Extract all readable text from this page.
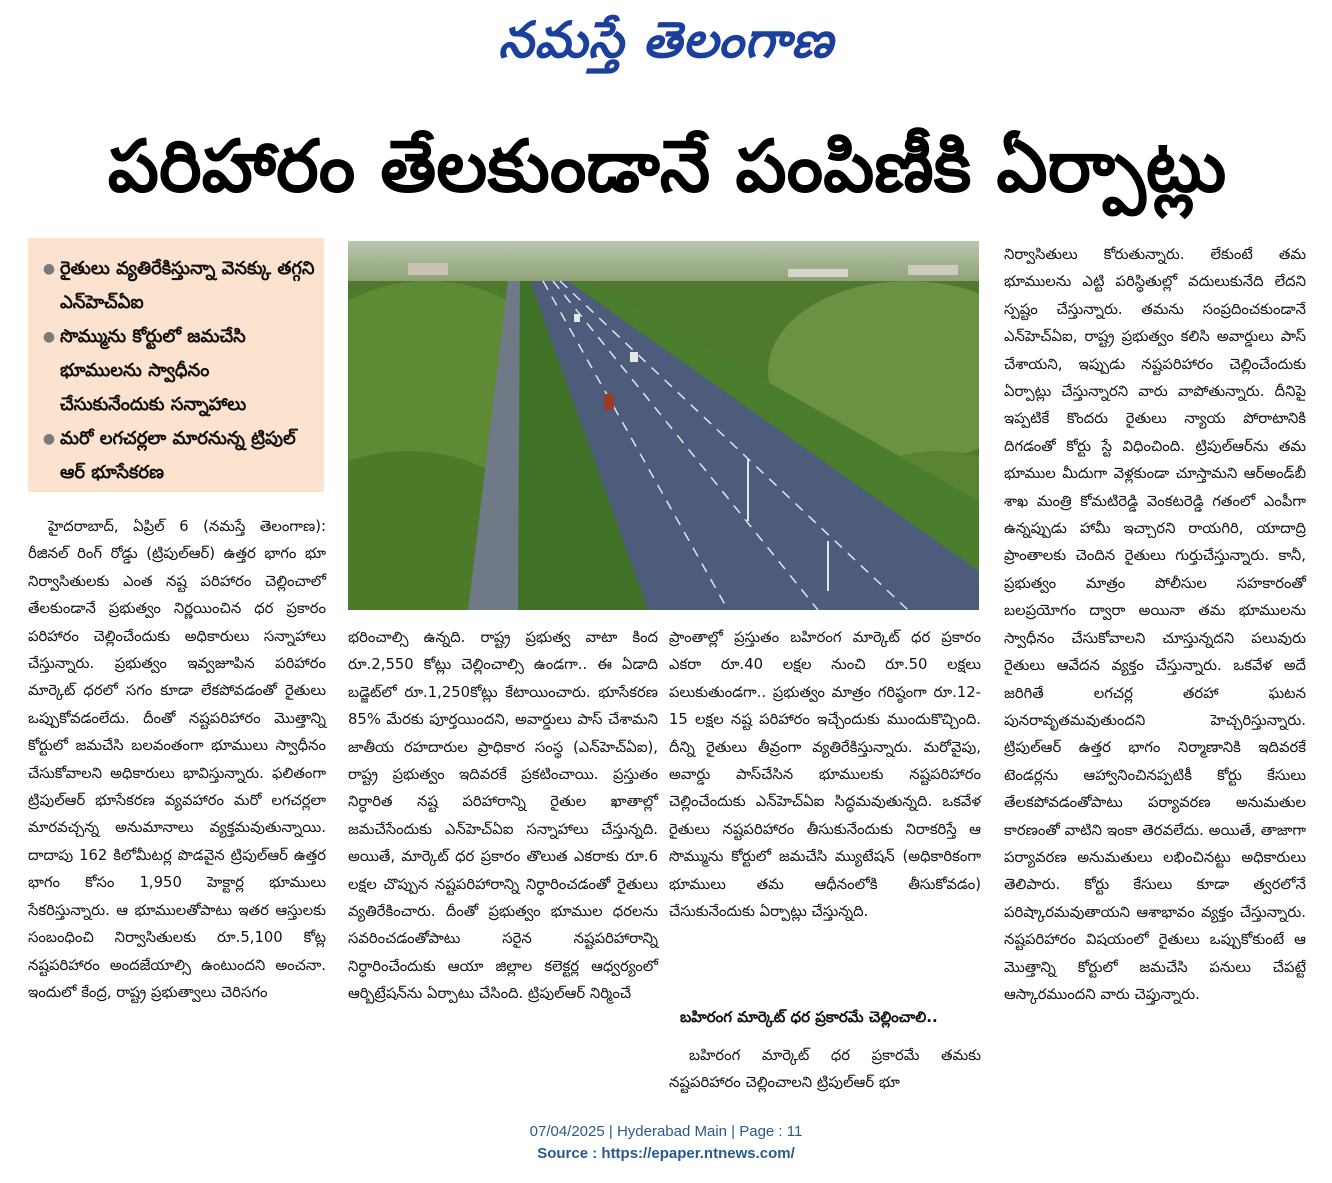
నమస్తే తెలంగాణ
పరిహారం తేలకుండానే పంపిణీకి ఏర్పాట్లు
● రైతులు వ్యతిరేకిస్తున్నా వెనక్కు తగ్గని ఎన్‌హెచ్‌ఏఐ
● సొమ్మును కోర్టులో జమచేసి భూములను స్వాధీనం చేసుకునేందుకు సన్నాహాలు
● మరో లగచర్లలా మారనున్న ట్రిపుల్ ఆర్ భూసేకరణ

హైదరాబాద్, ఏప్రిల్ 6 (నమస్తే తెలంగాణ): రీజినల్ రింగ్ రోడ్డు (ట్రిపుల్‌ఆర్) ఉత్తర భాగం భూ నిర్వాసితులకు ఎంత నష్ట పరిహారం చెల్లించాలో తేలకుండానే ప్రభుత్వం నిర్ణయించిన ధర ప్రకారం పరిహారం చెల్లించేందుకు అధికారులు సన్నాహాలు చేస్తున్నారు. ప్రభుత్వం ఇవ్వజూపిన పరిహారం మార్కెట్ ధరలో సగం కూడా లేకపోవడంతో రైతులు ఒప్పుకోవడంలేదు. దీంతో నష్టపరిహారం మొత్తాన్ని కోర్టులో జమచేసి బలవంతంగా భూములు స్వాధీనం చేసుకోవాలని అధికారులు భావిస్తున్నారు. ఫలితంగా ట్రిపుల్‌ఆర్ భూసేకరణ వ్యవహారం మరో లగచర్లలా మారవచ్చన్న అనుమానాలు వ్యక్తమవుతున్నాయి. దాదాపు 162 కిలోమీటర్ల పొడవైన ట్రిపుల్‌ఆర్ ఉత్తర భాగం కోసం 1,950 హెక్టార్ల భూములు సేకరిస్తున్నారు. ఆ భూములతోపాటు ఇతర ఆస్తులకు సంబంధించి నిర్వాసితులకు రూ.5,100 కోట్ల నష్టపరిహారం అందజేయాల్సి ఉంటుందని అంచనా. ఇందులో కేంద్ర, రాష్ట్ర ప్రభుత్వాలు చెరిసగం

భరించాల్సి ఉన్నది. రాష్ట్ర ప్రభుత్వ వాటా కింద రూ.2,550 కోట్లు చెల్లించాల్సి ఉండగా.. ఈ ఏడాది బడ్జెట్‌లో రూ.1,250కోట్లు కేటాయించారు. భూసేకరణ 85% మేరకు పూర్తయిందని, అవార్డులు పాస్ చేశామని జాతీయ రహదారుల ప్రాధికార సంస్థ (ఎన్‌హెచ్‌ఏఐ), రాష్ట్ర ప్రభుత్వం ఇదివరకే ప్రకటించాయి. ప్రస్తుతం నిర్ధారిత నష్ట పరిహారాన్ని రైతుల ఖాతాల్లో జమచేసేందుకు ఎన్‌హెచ్‌ఏఐ సన్నాహాలు చేస్తున్నది. అయితే, మార్కెట్ ధర ప్రకారం తొలుత ఎకరాకు రూ.6 లక్షల చొప్పున నష్టపరిహారాన్ని నిర్ధారించడంతో రైతులు వ్యతిరేకించారు. దీంతో ప్రభుత్వం భూముల ధరలను సవరించడంతోపాటు సరైన నష్టపరిహారాన్ని నిర్ధారించేందుకు ఆయా జిల్లాల కలెక్టర్ల ఆధ్వర్యంలో ఆర్బిట్రేషన్‌ను ఏర్పాటు చేసింది. ట్రిపుల్‌ఆర్ నిర్మించే

ప్రాంతాల్లో ప్రస్తుతం బహిరంగ మార్కెట్ ధర ప్రకారం ఎకరా రూ.40 లక్షల నుంచి రూ.50 లక్షలు పలుకుతుండగా.. ప్రభుత్వం మాత్రం గరిష్ఠంగా రూ.12-15 లక్షల నష్ట పరిహారం ఇచ్చేందుకు ముందుకొచ్చింది. దీన్ని రైతులు తీవ్రంగా వ్యతిరేకిస్తున్నారు. మరోవైపు, అవార్డు పాస్‌చేసిన భూములకు నష్టపరిహారం చెల్లించేందుకు ఎన్‌హెచ్‌ఏఐ సిద్ధమవుతున్నది. ఒకవేళ రైతులు నష్టపరిహారం తీసుకునేందుకు నిరాకరిస్తే ఆ సొమ్మును కోర్టులో జమచేసి మ్యుటేషన్ (అధికారికంగా భూములు తమ ఆధీనంలోకి తీసుకోవడం) చేసుకునేందుకు ఏర్పాట్లు చేస్తున్నది.

బహిరంగ మార్కెట్ ధర ప్రకారమే చెల్లించాలి..

బహిరంగ మార్కెట్ ధర ప్రకారమే తమకు నష్టపరిహారం చెల్లించాలని ట్రిపుల్‌ఆర్ భూ

నిర్వాసితులు కోరుతున్నారు. లేకుంటే తమ భూములను ఎట్టి పరిస్థితుల్లో వదులుకునేది లేదని స్పష్టం చేస్తున్నారు. తమను సంప్రదించకుండానే ఎన్‌హెచ్‌ఏఐ, రాష్ట్ర ప్రభుత్వం కలిసి అవార్డులు పాస్ చేశాయని, ఇప్పుడు నష్టపరిహారం చెల్లించేందుకు ఏర్పాట్లు చేస్తున్నారని వారు వాపోతున్నారు. దీనిపై ఇప్పటికే కొందరు రైతులు న్యాయ పోరాటానికి దిగడంతో కోర్టు స్టే విధించింది. ట్రిపుల్‌ఆర్‌ను తమ భూముల మీదుగా వెళ్లకుండా చూస్తామని ఆర్‌అండ్‌బీ శాఖ మంత్రి కోమటిరెడ్డి వెంకటరెడ్డి గతంలో ఎంపీగా ఉన్నప్పుడు హామీ ఇచ్చారని రాయగిరి, యాదాద్రి ప్రాంతాలకు చెందిన రైతులు గుర్తుచేస్తున్నారు. కానీ, ప్రభుత్వం మాత్రం పోలీసుల సహకారంతో బలప్రయోగం ద్వారా అయినా తమ భూములను స్వాధీనం చేసుకోవాలని చూస్తున్నదని పలువురు రైతులు ఆవేదన వ్యక్తం చేస్తున్నారు. ఒకవేళ అదే జరిగితే లగచర్ల తరహా ఘటన పునరావృతమవుతుందని హెచ్చరిస్తున్నారు. ట్రిపుల్‌ఆర్ ఉత్తర భాగం నిర్మాణానికి ఇదివరకే టెండర్లను ఆహ్వానించినప్పటికీ కోర్టు కేసులు తేలకపోవడంతోపాటు పర్యావరణ అనుమతుల కారణంతో వాటిని ఇంకా తెరవలేదు. అయితే, తాజాగా పర్యావరణ అనుమతులు లభించినట్టు అధికారులు తెలిపారు. కోర్టు కేసులు కూడా త్వరలోనే పరిష్కారమవుతాయని ఆశాభావం వ్యక్తం చేస్తున్నారు. నష్టపరిహారం విషయంలో రైతులు ఒప్పుకోకుంటే ఆ మొత్తాన్ని కోర్టులో జమచేసి పనులు చేపట్టే ఆస్కారముందని వారు చెప్తున్నారు.

07/04/2025 | Hyderabad Main | Page : 11
Source : https://epaper.ntnews.com/
